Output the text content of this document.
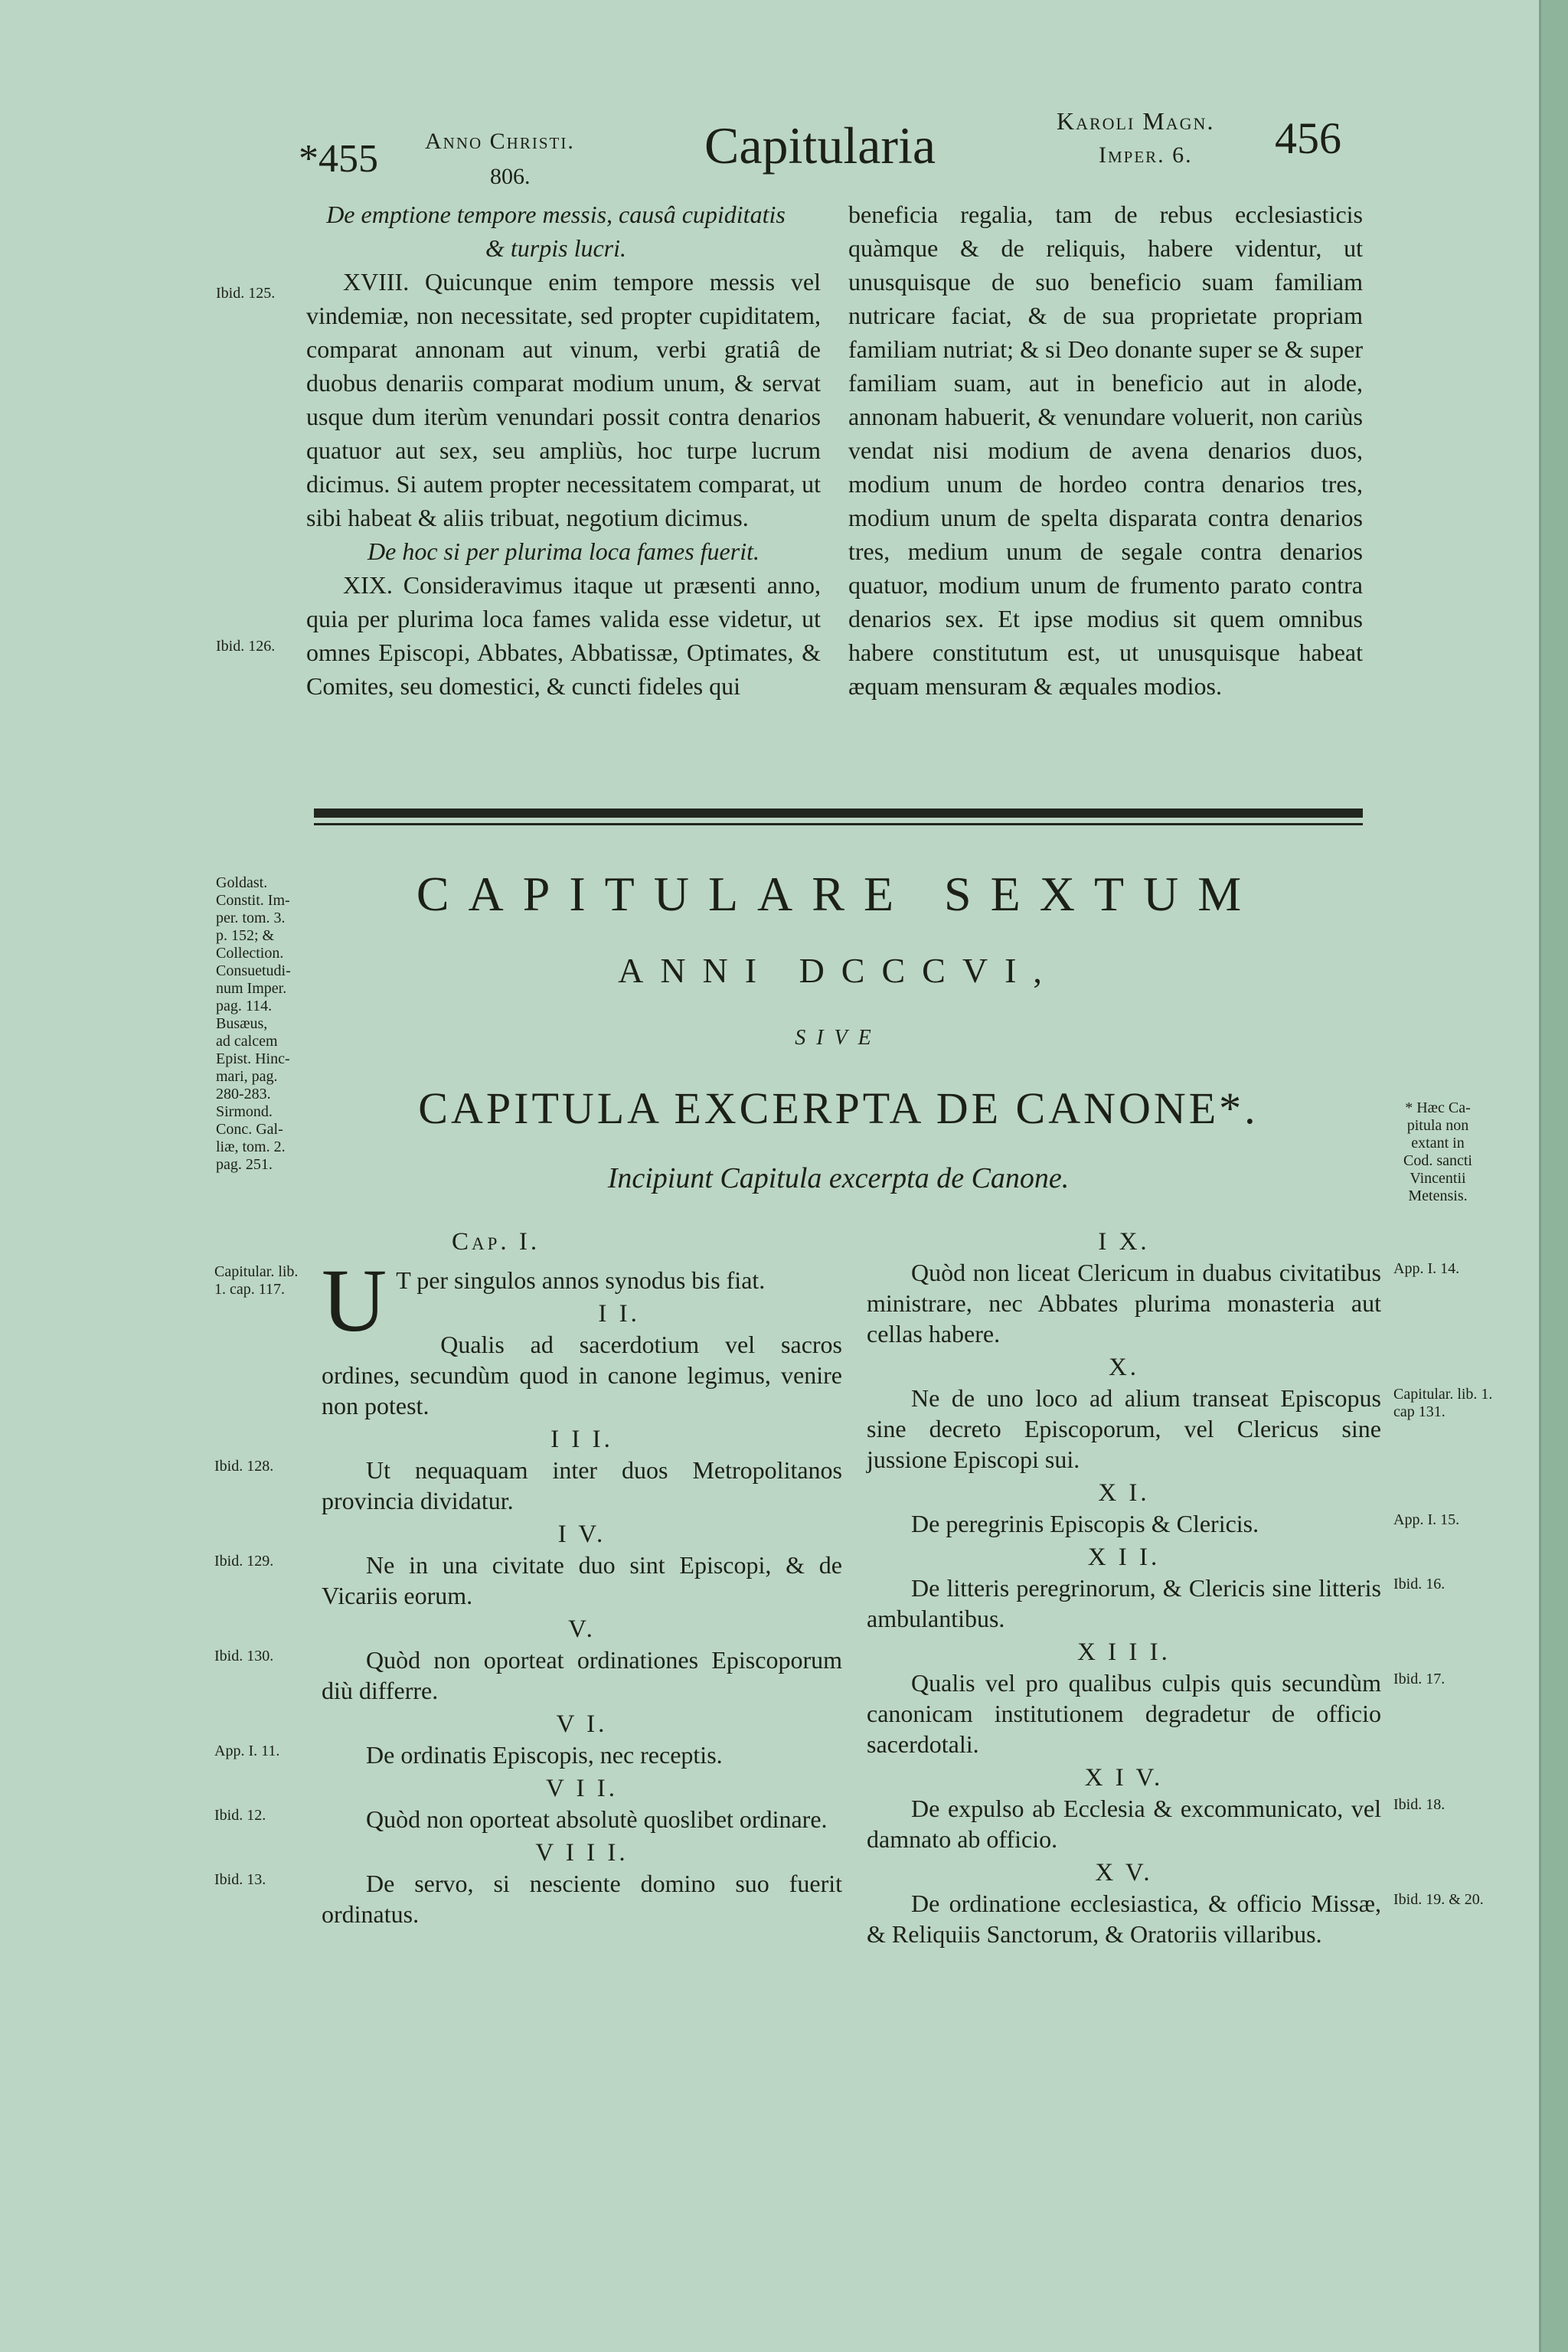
*455 Anno Christi.
806.
Capitularia	Karoli Magn.
Imper. 6. 456

De emptione tempore messis, causâ cupiditatis & turpis lucri.

XVIII. Quicunque enim tempore messis vel vindemiæ, non necessitate, sed propter cupiditatem, comparat annonam aut vinum, verbi gratiâ de duobus denariis comparat modium unum, & servat usque dum iterùm venundari possit contra denarios quatuor aut sex, seu ampliùs, hoc turpe lucrum dicimus. Si autem propter necessitatem comparat, ut sibi habeat & aliis tribuat, negotium dicimus.

De hoc si per plurima loca fames fuerit.

XIX. Consideravimus itaque ut præsenti anno, quia per plurima loca fames valida esse videtur, ut omnes Episcopi, Abbates, Abbatissæ, Optimates, & Comites, seu domestici, & cuncti fideles qui

beneficia regalia, tam de rebus ecclesiasticis quàmque & de reliquis, habere videntur, ut unusquisque de suo beneficio suam familiam nutricare faciat, & de sua proprietate propriam familiam nutriat; & si Deo donante super se & super familiam suam, aut in beneficio aut in alode, annonam habuerit, & venundare voluerit, non cariùs vendat nisi modium de avena denarios duos, modium unum de hordeo contra denarios tres, modium unum de spelta disparata contra denarios tres, medium unum de segale contra denarios quatuor, modium unum de frumento parato contra denarios sex. Et ipse modius sit quem omnibus habere constitutum est, ut unusquisque habeat æquam mensuram & æquales modios.

Ibid. 125.
Ibid. 126.
CAPITULARE SEXTUM
ANNI DCCCVI,
SIVE
CAPITULA EXCERPTA DE CANONE*.
Incipiunt Capitula excerpta de Canone.
Goldast.
Constit. Im-
per. tom. 3.
p. 152; &
Collection.
Consuetudi-
num Imper.
pag. 114.
Busæus,
ad calcem
Epist. Hinc-
mari, pag.
280-283.
Sirmond.
Conc. Gal-
liæ, tom. 2.
pag. 251.
* Hæc Ca-
pitula non
extant in
Cod. sancti
Vincentii
Metensis.
Cap. I.
U T per singulos annos synodus bis fiat.
Capitular. lib. 1. cap. 117.
I I.
Qualis ad sacerdotium vel sacros ordines, secundùm quod in canone legimus, venire non potest.
I I I.
Ut nequaquam inter duos Metropolitanos provincia dividatur.
Ibid. 128.
I V.
Ne in una civitate duo sint Episcopi, & de Vicariis eorum.
Ibid. 129.
V.
Quòd non oporteat ordinationes Episcoporum diù differre.
Ibid. 130.
V I.
De ordinatis Episcopis, nec receptis.
App. I. 11.
V I I.
Quòd non oporteat absolutè quoslibet ordinare.
Ibid. 12.
V I I I.
De servo, si nesciente domino suo fuerit ordinatus.
Ibid. 13.
I X.
Quòd non liceat Clericum in duabus civitatibus ministrare, nec Abbates plurima monasteria aut cellas habere.
App. I. 14.
X.
Ne de uno loco ad alium transeat Episcopus sine decreto Episcoporum, vel Clericus sine jussione Episcopi sui.
Capitular. lib. 1. cap 131.
X I.
De peregrinis Episcopis & Clericis.	App. I. 15.
X I I.
De litteris peregrinorum, & Clericis sine litteris ambulantibus.
Ibid. 16.
X I I I.
Qualis vel pro qualibus culpis quis secundùm canonicam institutionem degradetur de officio sacerdotali.
Ibid. 17.
X I V.
De expulso ab Ecclesia & excommunicato, vel damnato ab officio.
Ibid. 18.
X V.
De ordinatione ecclesiastica, & officio Missæ, & Reliquiis Sanctorum, & Oratoriis villaribus.
Ibid. 19. & 20.
